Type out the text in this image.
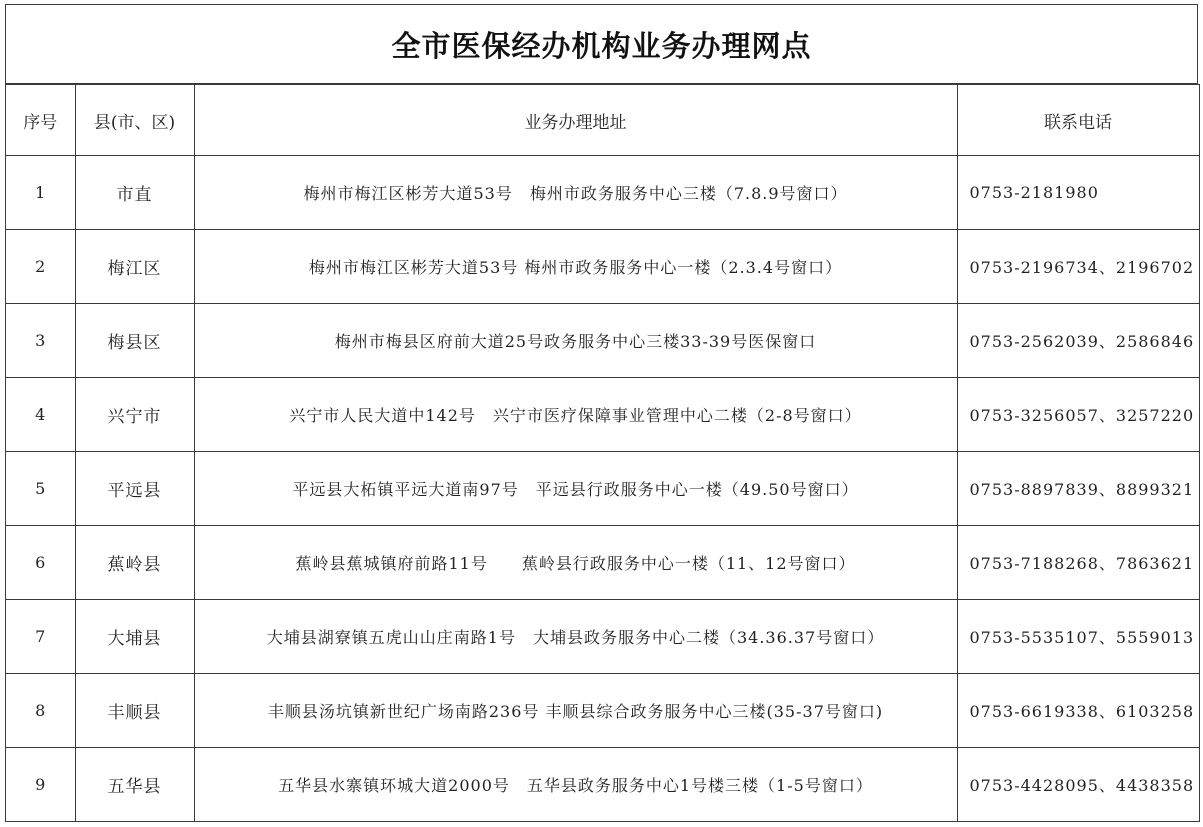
全市医保经办机构业务办理网点
序号	县(市、区)	业务办理地址	联系电话
1	市直	梅州市梅江区彬芳大道53号　梅州市政务服务中心三楼（7.8.9号窗口）	0753-2181980
2	梅江区	梅州市梅江区彬芳大道53号 梅州市政务服务中心一楼（2.3.4号窗口）	0753-2196734、2196702
3	梅县区	梅州市梅县区府前大道25号政务服务中心三楼33-39号医保窗口	0753-2562039、2586846
4	兴宁市	兴宁市人民大道中142号　兴宁市医疗保障事业管理中心二楼（2-8号窗口）	0753-3256057、3257220
5	平远县	平远县大柘镇平远大道南97号　平远县行政服务中心一楼（49.50号窗口）	0753-8897839、8899321
6	蕉岭县	蕉岭县蕉城镇府前路11号　　蕉岭县行政服务中心一楼（11、12号窗口）	0753-7188268、7863621
7	大埔县	大埔县湖寮镇五虎山山庄南路1号　大埔县政务服务中心二楼（34.36.37号窗口）	0753-5535107、5559013
8	丰顺县	丰顺县汤坑镇新世纪广场南路236号 丰顺县综合政务服务中心三楼(35-37号窗口)	0753-6619338、6103258
9	五华县	五华县水寨镇环城大道2000号　五华县政务服务中心1号楼三楼（1-5号窗口）	0753-4428095、4438358
